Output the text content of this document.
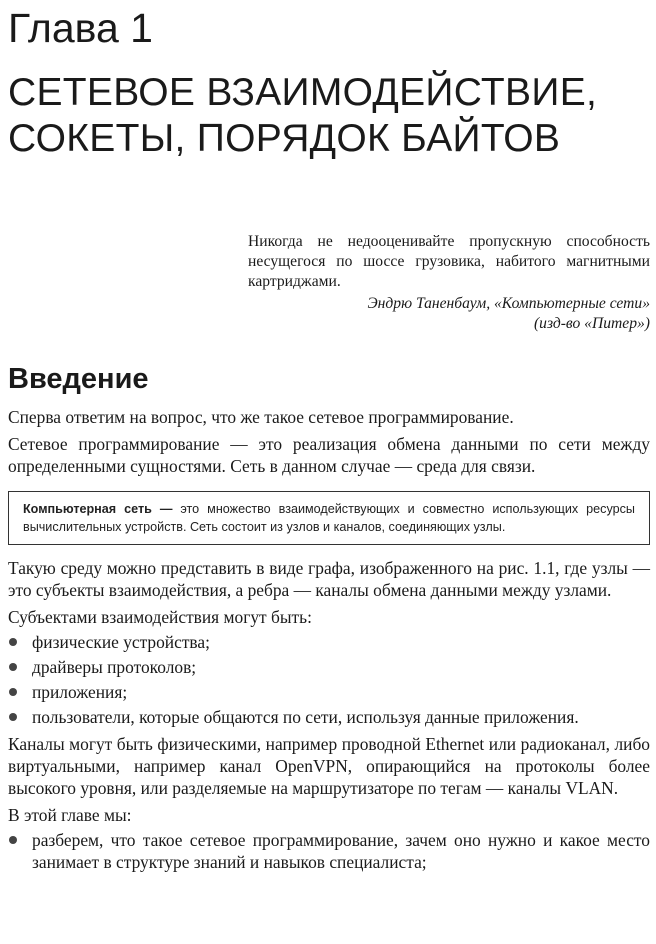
Глава 1
СЕТЕВОЕ ВЗАИМОДЕЙСТВИЕ,
СОКЕТЫ, ПОРЯДОК БАЙТОВ

Никогда не недооценивайте пропускную способность несущегося по шоссе грузовика, набитого магнитными картриджами.

Эндрю Таненбаум, «Компьютерные сети»
(изд-во «Питер»)

Введение

Сперва ответим на вопрос, что же такое сетевое программирование.

Сетевое программирование — это реализация обмена данными по сети между определенными сущностями. Сеть в данном случае — среда для связи.

Компьютерная сеть — это множество взаимодействующих и совместно использующих ресурсы вычислительных устройств. Сеть состоит из узлов и каналов, соединяющих узлы.

Такую среду можно представить в виде графа, изображенного на рис. 1.1, где узлы — это субъекты взаимодействия, а ребра — каналы обмена данными между узлами.

Субъектами взаимодействия могут быть:

физические устройства;
драйверы протоколов;
приложения;
пользователи, которые общаются по сети, используя данные приложения.

Каналы могут быть физическими, например проводной Ethernet или радиоканал, либо виртуальными, например канал OpenVPN, опирающийся на протоколы более высокого уровня, или разделяемые на маршрутизаторе по тегам — каналы VLAN.

В этой главе мы:

разберем, что такое сетевое программирование, зачем оно нужно и какое место занимает в структуре знаний и навыков специалиста;
